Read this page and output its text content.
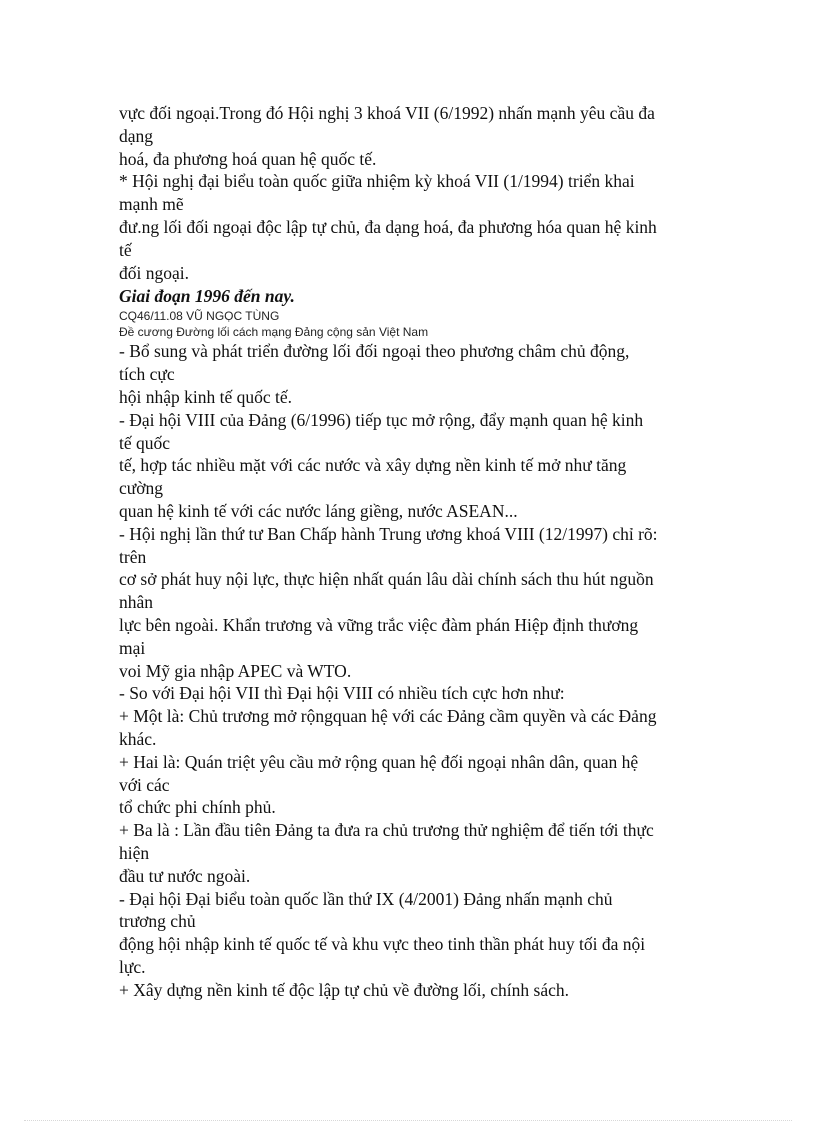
vực đối ngoại.Trong đó Hội nghị 3 khoá VII (6/1992) nhấn mạnh yêu cầu đa
dạng
hoá, đa phương hoá quan hệ quốc tế.
* Hội nghị đại biểu toàn quốc giữa nhiệm kỳ khoá VII (1/1994) triển khai
mạnh mẽ
đư.ng lối đối ngoại độc lập tự chủ, đa dạng hoá, đa phương hóa quan hệ kinh
tế
đối ngoại.
Giai đoạn 1996 đến nay.
CQ46/11.08 VŨ NGỌC TÙNG
Đề cương Đường lối cách mạng Đảng cộng sản Việt Nam
- Bổ sung và phát triển đường lối đối ngoại theo phương châm chủ động,
tích cực
hội nhập kinh tế quốc tế.
- Đại hội VIII của Đảng (6/1996) tiếp tục mở rộng, đẩy mạnh quan hệ kinh
tế quốc
tế, hợp tác nhiều mặt với các nước và xây dựng nền kinh tế mở như tăng
cường
quan hệ kinh tế với các nước láng giềng, nước ASEAN...
- Hội nghị lần thứ tư Ban Chấp hành Trung ương khoá VIII (12/1997) chỉ rõ:
trên
cơ sở phát huy nội lực, thực hiện nhất quán lâu dài chính sách thu hút nguồn
nhân
lực bên ngoài. Khẩn trương và vững trắc việc đàm phán Hiệp định thương
mại
voi Mỹ gia nhập APEC và WTO.
- So với Đại hội VII thì Đại hội VIII có nhiều tích cực hơn như:
+ Một là: Chủ trương mở rộngquan hệ với các Đảng cầm quyền và các Đảng
khác.
+ Hai là: Quán triệt yêu cầu mở rộng quan hệ đối ngoại nhân dân, quan hệ
với các
tổ chức phi chính phủ.
+ Ba là : Lần đầu tiên Đảng ta đưa ra chủ trương thử nghiệm để tiến tới thực
hiện
đầu tư nước ngoài.
- Đại hội Đại biểu toàn quốc lần thứ IX (4/2001) Đảng nhấn mạnh chủ
trương chủ
động hội nhập kinh tế quốc tế và khu vực theo tinh thần phát huy tối đa nội
lực.
+ Xây dựng nền kinh tế độc lập tự chủ về đường lối, chính sách.
